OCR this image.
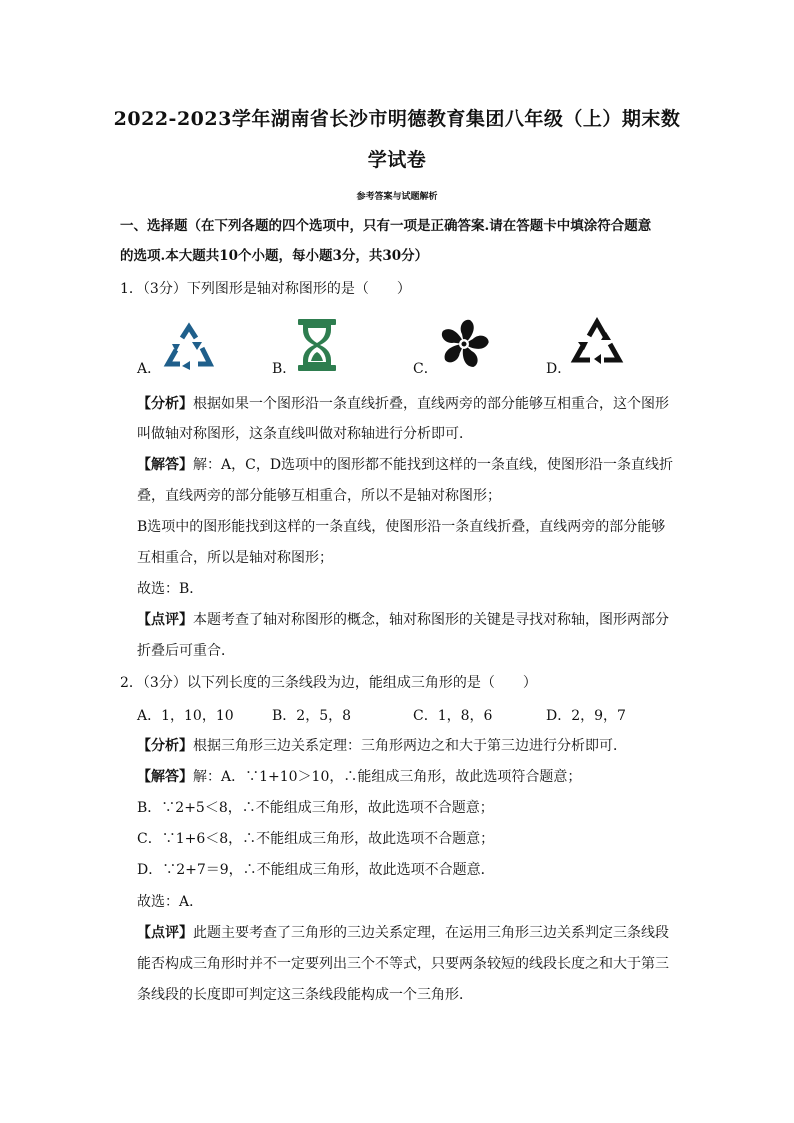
2022-2023学年湖南省长沙市明德教育集团八年级（上）期末数
学试卷
参考答案与试题解析
一、选择题（在下列各题的四个选项中，只有一项是正确答案.请在答题卡中填涂符合题意
的选项.本大题共10个小题，每小题3分，共30分）
1．（3分）下列图形是轴对称图形的是（　　）
A．	B．	C．	D．
【分析】根据如果一个图形沿一条直线折叠，直线两旁的部分能够互相重合，这个图形
叫做轴对称图形，这条直线叫做对称轴进行分析即可．
【解答】解：A，C，D选项中的图形都不能找到这样的一条直线，使图形沿一条直线折
叠，直线两旁的部分能够互相重合，所以不是轴对称图形；
B选项中的图形能找到这样的一条直线，使图形沿一条直线折叠，直线两旁的部分能够
互相重合，所以是轴对称图形；
故选：B．
【点评】本题考查了轴对称图形的概念，轴对称图形的关键是寻找对称轴，图形两部分
折叠后可重合．
2．（3分）以下列长度的三条线段为边，能组成三角形的是（　　）
A．1，10，10	B．2，5，8	C．1，8，6	D．2，9，7
【分析】根据三角形三边关系定理：三角形两边之和大于第三边进行分析即可．
【解答】解：A．∵1+10＞10，∴能组成三角形，故此选项符合题意；
B．∵2+5＜8，∴不能组成三角形，故此选项不合题意；
C．∵1+6＜8，∴不能组成三角形，故此选项不合题意；
D．∵2+7＝9，∴不能组成三角形，故此选项不合题意．
故选：A．
【点评】此题主要考查了三角形的三边关系定理，在运用三角形三边关系判定三条线段
能否构成三角形时并不一定要列出三个不等式，只要两条较短的线段长度之和大于第三
条线段的长度即可判定这三条线段能构成一个三角形．
